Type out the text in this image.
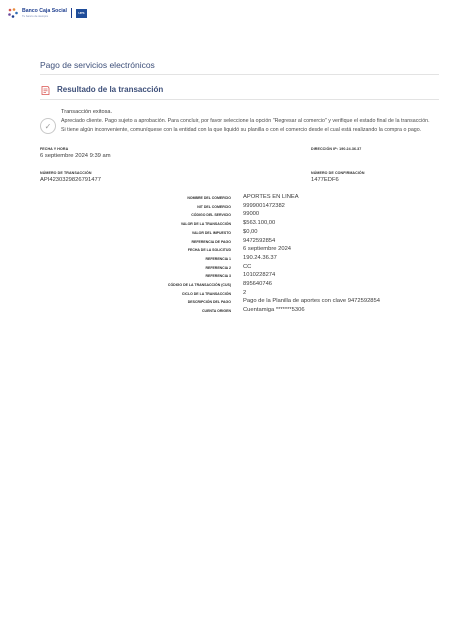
Banco Caja Social
Tu banco de siempre
UPS
Pago de servicios electrónicos
Resultado de la transacción
✓
Transacción exitosa.
Apreciado cliente. Pago sujeto a aprobación. Para concluir, por favor seleccione la opción "Regresar al comercio" y verifique el estado final de la transacción. Si tiene algún inconveniente, comuníquese con la entidad con la que liquidó su planilla o con el comercio desde el cual está realizando la compra o pago.
FECHA Y HORA
6 septiembre 2024 9:39 am
DIRECCIÓN IP: 190.24.36.37
NÚMERO DE TRANSACCIÓN
API4230329826791477
NÚMERO DE CONFIRMACIÓN
1477EDF6
NOMBRE DEL COMERCIO APORTES EN LINEA
NIT DEL COMERCIO 9999001472382
CÓDIGO DEL SERVICIO 99000
VALOR DE LA TRANSACCIÓN $563.100,00
VALOR DEL IMPUESTO $0,00
REFERENCIA DE PAGO 9472592854
FECHA DE LA SOLICITUD 6 septiembre 2024
REFERENCIA 1 190.24.36.37
REFERENCIA 2 CC
REFERENCIA 3 1010228274
CÓDIGO DE LA TRANSACCIÓN (CUS) 895640746
CICLO DE LA TRANSACCIÓN 2
DESCRIPCIÓN DEL PAGO Pago de la Planilla de aportes con clave 9472592854
CUENTA ORIGEN Cuentamiga *******5306
